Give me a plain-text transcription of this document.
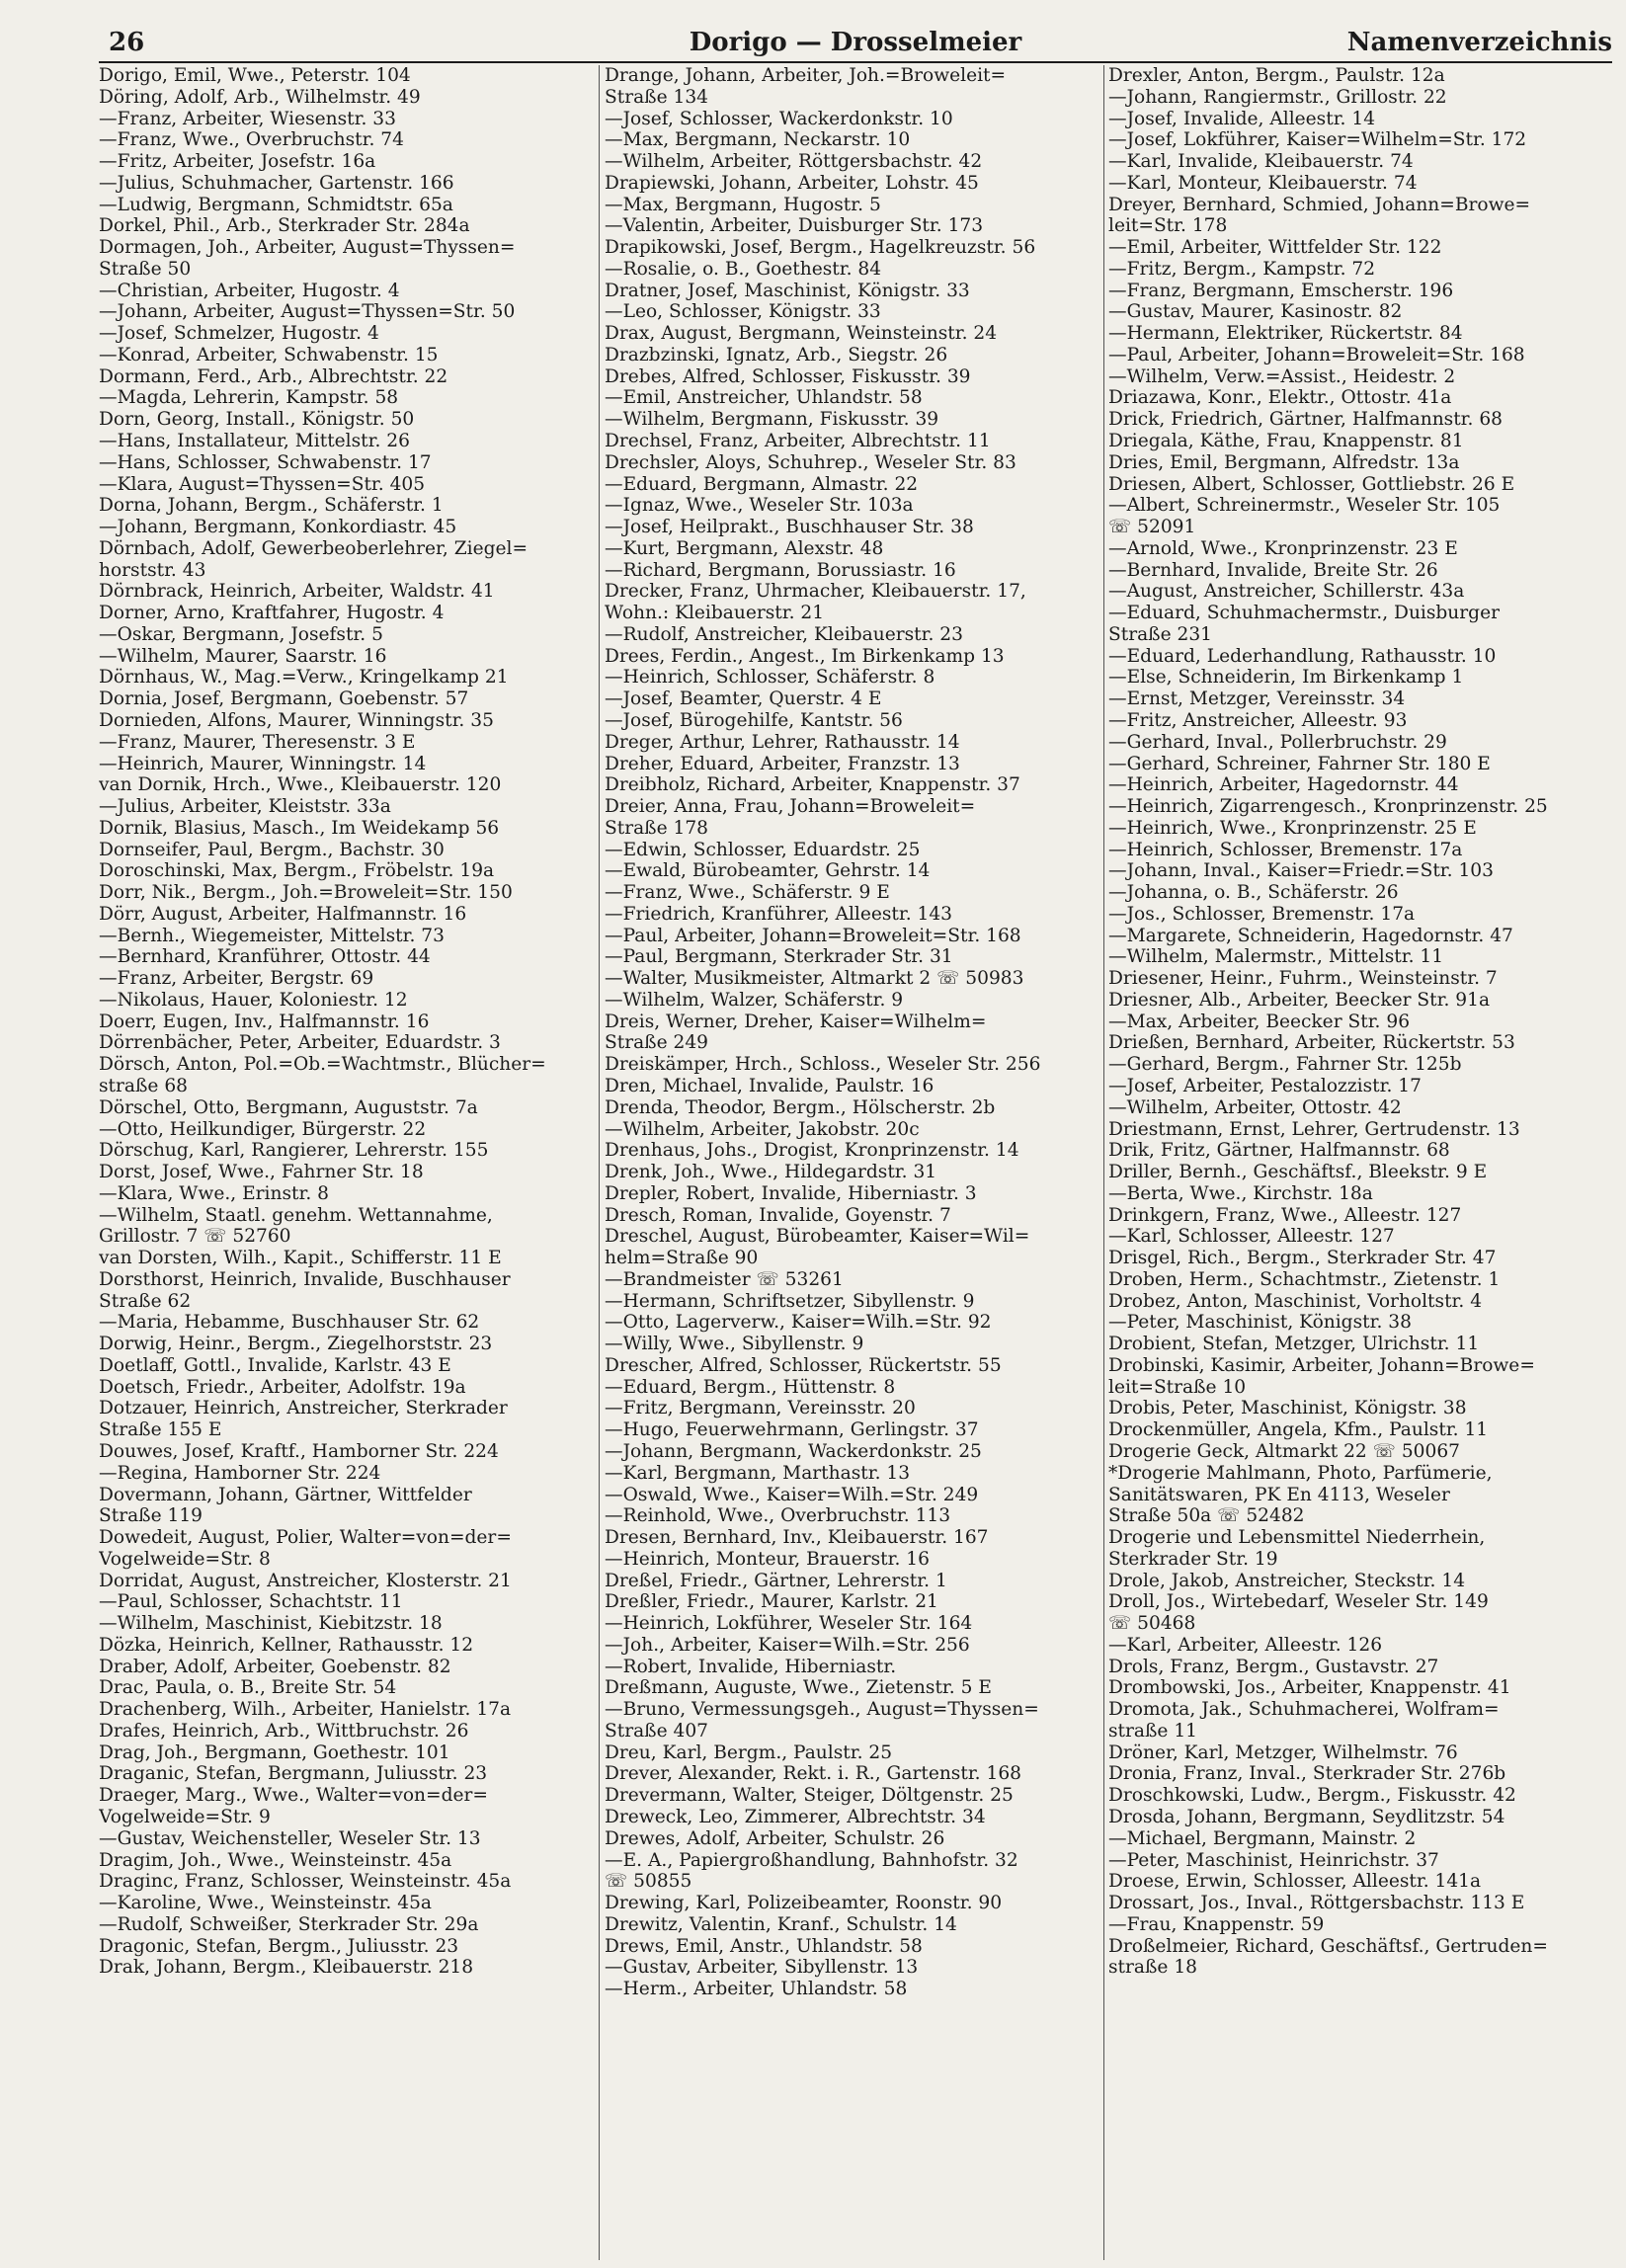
26	Dorigo — Drosselmeier	Namenverzeichnis
Dorigo, Emil, Wwe., Peterstr. 104
Döring, Adolf, Arb., Wilhelmstr. 49
—Franz, Arbeiter, Wiesenstr. 33
—Franz, Wwe., Overbruchstr. 74
—Fritz, Arbeiter, Josefstr. 16a
—Julius, Schuhmacher, Gartenstr. 166
—Ludwig, Bergmann, Schmidtstr. 65a
Dorkel, Phil., Arb., Sterkrader Str. 284a
Dormagen, Joh., Arbeiter, August=Thyssen=
Straße 50
—Christian, Arbeiter, Hugostr. 4
—Johann, Arbeiter, August=Thyssen=Str. 50
—Josef, Schmelzer, Hugostr. 4
—Konrad, Arbeiter, Schwabenstr. 15
Dormann, Ferd., Arb., Albrechtstr. 22
—Magda, Lehrerin, Kampstr. 58
Dorn, Georg, Install., Königstr. 50
—Hans, Installateur, Mittelstr. 26
—Hans, Schlosser, Schwabenstr. 17
—Klara, August=Thyssen=Str. 405
Dorna, Johann, Bergm., Schäferstr. 1
—Johann, Bergmann, Konkordiastr. 45
Dörnbach, Adolf, Gewerbeoberlehrer, Ziegel=
horststr. 43
Dörnbrack, Heinrich, Arbeiter, Waldstr. 41
Dorner, Arno, Kraftfahrer, Hugostr. 4
—Oskar, Bergmann, Josefstr. 5
—Wilhelm, Maurer, Saarstr. 16
Dörnhaus, W., Mag.=Verw., Kringelkamp 21
Dornia, Josef, Bergmann, Goebenstr. 57
Dornieden, Alfons, Maurer, Winningstr. 35
—Franz, Maurer, Theresenstr. 3 E
—Heinrich, Maurer, Winningstr. 14
van Dornik, Hrch., Wwe., Kleibauerstr. 120
—Julius, Arbeiter, Kleiststr. 33a
Dornik, Blasius, Masch., Im Weidekamp 56
Dornseifer, Paul, Bergm., Bachstr. 30
Doroschinski, Max, Bergm., Fröbelstr. 19a
Dorr, Nik., Bergm., Joh.=Broweleit=Str. 150
Dörr, August, Arbeiter, Halfmannstr. 16
—Bernh., Wiegemeister, Mittelstr. 73
—Bernhard, Kranführer, Ottostr. 44
—Franz, Arbeiter, Bergstr. 69
—Nikolaus, Hauer, Koloniestr. 12
Doerr, Eugen, Inv., Halfmannstr. 16
Dörrenbächer, Peter, Arbeiter, Eduardstr. 3
Dörsch, Anton, Pol.=Ob.=Wachtmstr., Blücher=
straße 68
Dörschel, Otto, Bergmann, Auguststr. 7a
—Otto, Heilkundiger, Bürgerstr. 22
Dörschug, Karl, Rangierer, Lehrerstr. 155
Dorst, Josef, Wwe., Fahrner Str. 18
—Klara, Wwe., Erinstr. 8
—Wilhelm, Staatl. genehm. Wettannahme,
Grillostr. 7 ☏ 52760
van Dorsten, Wilh., Kapit., Schifferstr. 11 E
Dorsthorst, Heinrich, Invalide, Buschhauser
Straße 62
—Maria, Hebamme, Buschhauser Str. 62
Dorwig, Heinr., Bergm., Ziegelhorststr. 23
Doetlaff, Gottl., Invalide, Karlstr. 43 E
Doetsch, Friedr., Arbeiter, Adolfstr. 19a
Dotzauer, Heinrich, Anstreicher, Sterkrader
Straße 155 E
Douwes, Josef, Kraftf., Hamborner Str. 224
—Regina, Hamborner Str. 224
Dovermann, Johann, Gärtner, Wittfelder
Straße 119
Dowedeit, August, Polier, Walter=von=der=
Vogelweide=Str. 8
Dorridat, August, Anstreicher, Klosterstr. 21
—Paul, Schlosser, Schachtstr. 11
—Wilhelm, Maschinist, Kiebitzstr. 18
Dözka, Heinrich, Kellner, Rathausstr. 12
Draber, Adolf, Arbeiter, Goebenstr. 82
Drac, Paula, o. B., Breite Str. 54
Drachenberg, Wilh., Arbeiter, Hanielstr. 17a
Drafes, Heinrich, Arb., Wittbruchstr. 26
Drag, Joh., Bergmann, Goethestr. 101
Draganic, Stefan, Bergmann, Juliusstr. 23
Draeger, Marg., Wwe., Walter=von=der=
Vogelweide=Str. 9
—Gustav, Weichensteller, Weseler Str. 13
Dragim, Joh., Wwe., Weinsteinstr. 45a
Draginc, Franz, Schlosser, Weinsteinstr. 45a
—Karoline, Wwe., Weinsteinstr. 45a
—Rudolf, Schweißer, Sterkrader Str. 29a
Dragonic, Stefan, Bergm., Juliusstr. 23
Drak, Johann, Bergm., Kleibauerstr. 218
Drange, Johann, Arbeiter, Joh.=Broweleit=
Straße 134
—Josef, Schlosser, Wackerdonkstr. 10
—Max, Bergmann, Neckarstr. 10
—Wilhelm, Arbeiter, Röttgersbachstr. 42
Drapiewski, Johann, Arbeiter, Lohstr. 45
—Max, Bergmann, Hugostr. 5
—Valentin, Arbeiter, Duisburger Str. 173
Drapikowski, Josef, Bergm., Hagelkreuzstr. 56
—Rosalie, o. B., Goethestr. 84
Dratner, Josef, Maschinist, Königstr. 33
—Leo, Schlosser, Königstr. 33
Drax, August, Bergmann, Weinsteinstr. 24
Drazbzinski, Ignatz, Arb., Siegstr. 26
Drebes, Alfred, Schlosser, Fiskusstr. 39
—Emil, Anstreicher, Uhlandstr. 58
—Wilhelm, Bergmann, Fiskusstr. 39
Drechsel, Franz, Arbeiter, Albrechtstr. 11
Drechsler, Aloys, Schuhrep., Weseler Str. 83
—Eduard, Bergmann, Almastr. 22
—Ignaz, Wwe., Weseler Str. 103a
—Josef, Heilprakt., Buschhauser Str. 38
—Kurt, Bergmann, Alexstr. 48
—Richard, Bergmann, Borussiastr. 16
Drecker, Franz, Uhrmacher, Kleibauerstr. 17,
Wohn.: Kleibauerstr. 21
—Rudolf, Anstreicher, Kleibauerstr. 23
Drees, Ferdin., Angest., Im Birkenkamp 13
—Heinrich, Schlosser, Schäferstr. 8
—Josef, Beamter, Querstr. 4 E
—Josef, Bürogehilfe, Kantstr. 56
Dreger, Arthur, Lehrer, Rathausstr. 14
Dreher, Eduard, Arbeiter, Franzstr. 13
Dreibholz, Richard, Arbeiter, Knappenstr. 37
Dreier, Anna, Frau, Johann=Broweleit=
Straße 178
—Edwin, Schlosser, Eduardstr. 25
—Ewald, Bürobeamter, Gehrstr. 14
—Franz, Wwe., Schäferstr. 9 E
—Friedrich, Kranführer, Alleestr. 143
—Paul, Arbeiter, Johann=Broweleit=Str. 168
—Paul, Bergmann, Sterkrader Str. 31
—Walter, Musikmeister, Altmarkt 2 ☏ 50983
—Wilhelm, Walzer, Schäferstr. 9
Dreis, Werner, Dreher, Kaiser=Wilhelm=
Straße 249
Dreiskämper, Hrch., Schloss., Weseler Str. 256
Dren, Michael, Invalide, Paulstr. 16
Drenda, Theodor, Bergm., Hölscherstr. 2b
—Wilhelm, Arbeiter, Jakobstr. 20c
Drenhaus, Johs., Drogist, Kronprinzenstr. 14
Drenk, Joh., Wwe., Hildegardstr. 31
Drepler, Robert, Invalide, Hiberniastr. 3
Dresch, Roman, Invalide, Goyenstr. 7
Dreschel, August, Bürobeamter, Kaiser=Wil=
helm=Straße 90
—Brandmeister ☏ 53261
—Hermann, Schriftsetzer, Sibyllenstr. 9
—Otto, Lagerverw., Kaiser=Wilh.=Str. 92
—Willy, Wwe., Sibyllenstr. 9
Drescher, Alfred, Schlosser, Rückertstr. 55
—Eduard, Bergm., Hüttenstr. 8
—Fritz, Bergmann, Vereinsstr. 20
—Hugo, Feuerwehrmann, Gerlingstr. 37
—Johann, Bergmann, Wackerdonkstr. 25
—Karl, Bergmann, Marthastr. 13
—Oswald, Wwe., Kaiser=Wilh.=Str. 249
—Reinhold, Wwe., Overbruchstr. 113
Dresen, Bernhard, Inv., Kleibauerstr. 167
—Heinrich, Monteur, Brauerstr. 16
Dreßel, Friedr., Gärtner, Lehrerstr. 1
Dreßler, Friedr., Maurer, Karlstr. 21
—Heinrich, Lokführer, Weseler Str. 164
—Joh., Arbeiter, Kaiser=Wilh.=Str. 256
—Robert, Invalide, Hiberniastr.
Dreßmann, Auguste, Wwe., Zietenstr. 5 E
—Bruno, Vermessungsgeh., August=Thyssen=
Straße 407
Dreu, Karl, Bergm., Paulstr. 25
Drever, Alexander, Rekt. i. R., Gartenstr. 168
Drevermann, Walter, Steiger, Döltgenstr. 25
Dreweck, Leo, Zimmerer, Albrechtstr. 34
Drewes, Adolf, Arbeiter, Schulstr. 26
—E. A., Papiergroßhandlung, Bahnhofstr. 32
☏ 50855
Drewing, Karl, Polizeibeamter, Roonstr. 90
Drewitz, Valentin, Kranf., Schulstr. 14
Drews, Emil, Anstr., Uhlandstr. 58
—Gustav, Arbeiter, Sibyllenstr. 13
—Herm., Arbeiter, Uhlandstr. 58
Drexler, Anton, Bergm., Paulstr. 12a
—Johann, Rangiermstr., Grillostr. 22
—Josef, Invalide, Alleestr. 14
—Josef, Lokführer, Kaiser=Wilhelm=Str. 172
—Karl, Invalide, Kleibauerstr. 74
—Karl, Monteur, Kleibauerstr. 74
Dreyer, Bernhard, Schmied, Johann=Browe=
leit=Str. 178
—Emil, Arbeiter, Wittfelder Str. 122
—Fritz, Bergm., Kampstr. 72
—Franz, Bergmann, Emscherstr. 196
—Gustav, Maurer, Kasinostr. 82
—Hermann, Elektriker, Rückertstr. 84
—Paul, Arbeiter, Johann=Broweleit=Str. 168
—Wilhelm, Verw.=Assist., Heidestr. 2
Driazawa, Konr., Elektr., Ottostr. 41a
Drick, Friedrich, Gärtner, Halfmannstr. 68
Driegala, Käthe, Frau, Knappenstr. 81
Dries, Emil, Bergmann, Alfredstr. 13a
Driesen, Albert, Schlosser, Gottliebstr. 26 E
—Albert, Schreinermstr., Weseler Str. 105
☏ 52091
—Arnold, Wwe., Kronprinzenstr. 23 E
—Bernhard, Invalide, Breite Str. 26
—August, Anstreicher, Schillerstr. 43a
—Eduard, Schuhmachermstr., Duisburger
Straße 231
—Eduard, Lederhandlung, Rathausstr. 10
—Else, Schneiderin, Im Birkenkamp 1
—Ernst, Metzger, Vereinsstr. 34
—Fritz, Anstreicher, Alleestr. 93
—Gerhard, Inval., Pollerbruchstr. 29
—Gerhard, Schreiner, Fahrner Str. 180 E
—Heinrich, Arbeiter, Hagedornstr. 44
—Heinrich, Zigarrengesch., Kronprinzenstr. 25
—Heinrich, Wwe., Kronprinzenstr. 25 E
—Heinrich, Schlosser, Bremenstr. 17a
—Johann, Inval., Kaiser=Friedr.=Str. 103
—Johanna, o. B., Schäferstr. 26
—Jos., Schlosser, Bremenstr. 17a
—Margarete, Schneiderin, Hagedornstr. 47
—Wilhelm, Malermstr., Mittelstr. 11
Driesener, Heinr., Fuhrm., Weinsteinstr. 7
Driesner, Alb., Arbeiter, Beecker Str. 91a
—Max, Arbeiter, Beecker Str. 96
Drießen, Bernhard, Arbeiter, Rückertstr. 53
—Gerhard, Bergm., Fahrner Str. 125b
—Josef, Arbeiter, Pestalozzistr. 17
—Wilhelm, Arbeiter, Ottostr. 42
Driestmann, Ernst, Lehrer, Gertrudenstr. 13
Drik, Fritz, Gärtner, Halfmannstr. 68
Driller, Bernh., Geschäftsf., Bleekstr. 9 E
—Berta, Wwe., Kirchstr. 18a
Drinkgern, Franz, Wwe., Alleestr. 127
—Karl, Schlosser, Alleestr. 127
Drisgel, Rich., Bergm., Sterkrader Str. 47
Droben, Herm., Schachtmstr., Zietenstr. 1
Drobez, Anton, Maschinist, Vorholtstr. 4
—Peter, Maschinist, Königstr. 38
Drobient, Stefan, Metzger, Ulrichstr. 11
Drobinski, Kasimir, Arbeiter, Johann=Browe=
leit=Straße 10
Drobis, Peter, Maschinist, Königstr. 38
Drockenmüller, Angela, Kfm., Paulstr. 11
Drogerie Geck, Altmarkt 22 ☏ 50067
*Drogerie Mahlmann, Photo, Parfümerie,
Sanitätswaren, PK En 4113, Weseler
Straße 50a ☏ 52482
Drogerie und Lebensmittel Niederrhein,
Sterkrader Str. 19
Drole, Jakob, Anstreicher, Steckstr. 14
Droll, Jos., Wirtebedarf, Weseler Str. 149
☏ 50468
—Karl, Arbeiter, Alleestr. 126
Drols, Franz, Bergm., Gustavstr. 27
Drombowski, Jos., Arbeiter, Knappenstr. 41
Dromota, Jak., Schuhmacherei, Wolfram=
straße 11
Dröner, Karl, Metzger, Wilhelmstr. 76
Dronia, Franz, Inval., Sterkrader Str. 276b
Droschkowski, Ludw., Bergm., Fiskusstr. 42
Drosda, Johann, Bergmann, Seydlitzstr. 54
—Michael, Bergmann, Mainstr. 2
—Peter, Maschinist, Heinrichstr. 37
Droese, Erwin, Schlosser, Alleestr. 141a
Drossart, Jos., Inval., Röttgersbachstr. 113 E
—Frau, Knappenstr. 59
Droßelmeier, Richard, Geschäftsf., Gertruden=
straße 18
